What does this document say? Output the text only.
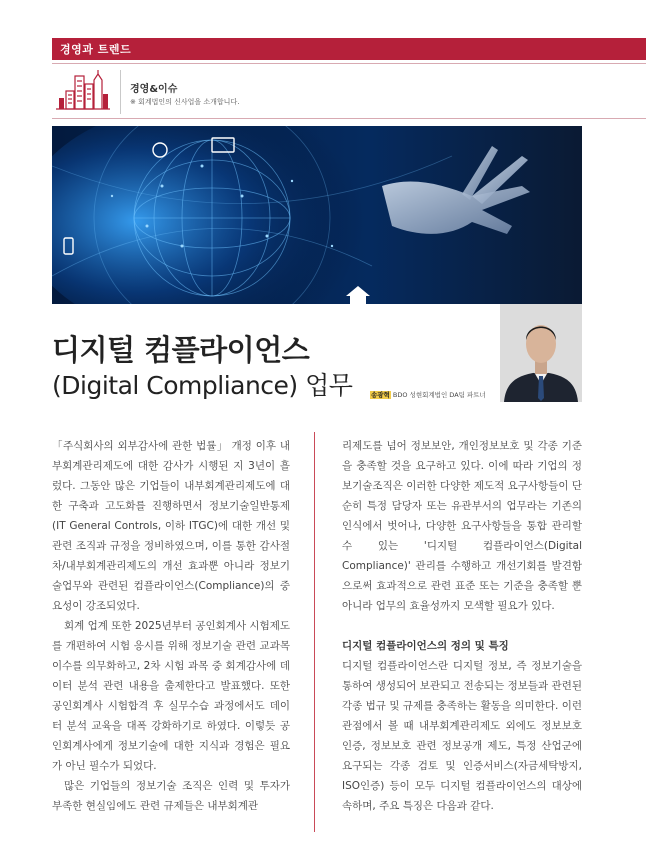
경영과 트렌드
경영&이슈
※ 회계법인의 신사업을 소개합니다.
디지털 컴플라이언스
(Digital Compliance) 업무	송광혁 BDO 성현회계법인 DA팀 파트너

「주식회사의 외부감사에 관한 법률」 개정 이후 내부회계관리제도에 대한 감사가 시행된 지 3년이 흘렀다. 그동안 많은 기업들이 내부회계관리제도에 대한 구축과 고도화를 진행하면서 정보기술일반통제(IT General Controls, 이하 ITGC)에 대한 개선 및 관련 조직과 규정을 정비하였으며, 이를 통한 감사절차/내부회계관리제도의 개선 효과뿐 아니라 정보기술업무와 관련된 컴플라이언스(Compliance)의 중요성이 강조되었다.

회계 업계 또한 2025년부터 공인회계사 시험제도를 개편하여 시험 응시를 위해 정보기술 관련 교과목 이수를 의무화하고, 2차 시험 과목 중 회계감사에 데이터 분석 관련 내용을 출제한다고 발표했다. 또한 공인회계사 시험합격 후 실무수습 과정에서도 데이터 분석 교육을 대폭 강화하기로 하였다. 이렇듯 공인회계사에게 정보기술에 대한 지식과 경험은 필요가 아닌 필수가 되었다.

많은 기업들의 정보기술 조직은 인력 및 투자가 부족한 현실임에도 관련 규제들은 내부회계관

리제도를 넘어 정보보안, 개인정보보호 및 각종 기준을 충족할 것을 요구하고 있다. 이에 따라 기업의 정보기술조직은 이러한 다양한 제도적 요구사항들이 단순히 특정 담당자 또는 유관부서의 업무라는 기존의 인식에서 벗어나, 다양한 요구사항들을 통합 관리할 수 있는 '디지털 컴플라이언스(Digital Compliance)' 관리를 수행하고 개선기회를 발견함으로써 효과적으로 관련 표준 또는 기준을 충족할 뿐 아니라 업무의 효율성까지 모색할 필요가 있다.

디지털 컴플라이언스의 정의 및 특징

디지털 컴플라이언스란 디지털 정보, 즉 정보기술을 통하여 생성되어 보관되고 전송되는 정보들과 관련된 각종 법규 및 규제를 충족하는 활동을 의미한다. 이런 관점에서 볼 때 내부회계관리제도 외에도 정보보호 인증, 정보보호 관련 정보공개 제도, 특정 산업군에 요구되는 각종 검토 및 인증서비스(자금세탁방지, ISO인증) 등이 모두 디지털 컴플라이언스의 대상에 속하며, 주요 특징은 다음과 같다.
